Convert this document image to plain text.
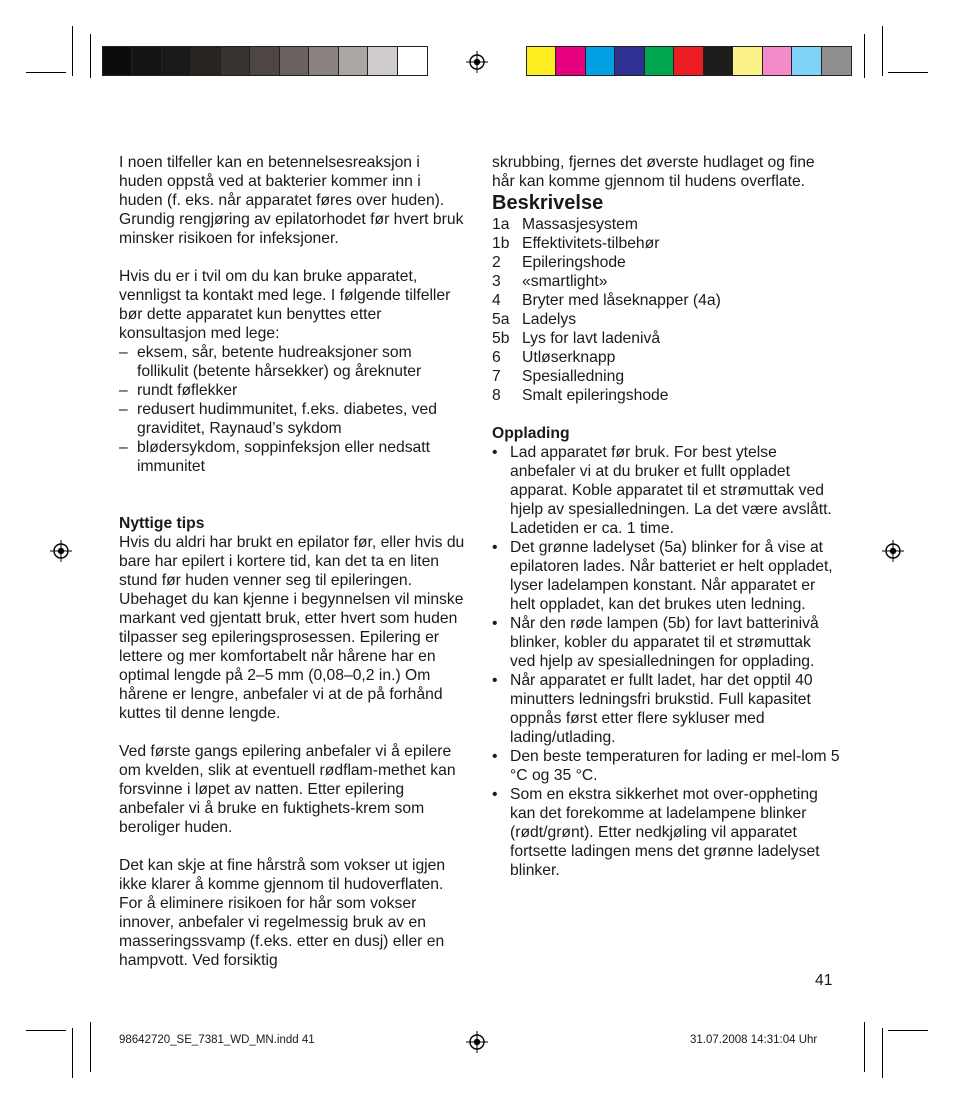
I noen tilfeller kan en betennelsesreaksjon i huden oppstå ved at bakterier kommer inn i huden (f. eks. når apparatet føres over huden). Grundig rengjøring av epilatorhodet før hvert bruk minsker risikoen for infeksjoner.

Hvis du er i tvil om du kan bruke apparatet, vennligst ta kontakt med lege. I følgende tilfeller bør dette apparatet kun benyttes etter konsultasjon med lege:

– eksem, sår, betente hudreaksjoner som follikulit (betente hårsekker) og åreknuter
– rundt føflekker
– redusert hudimmunitet, f.eks. diabetes, ved graviditet, Raynaud’s sykdom
– blødersykdom, soppinfeksjon eller nedsatt immunitet

Nyttige tips

Hvis du aldri har brukt en epilator før, eller hvis du bare har epilert i kortere tid, kan det ta en liten stund før huden venner seg til epileringen. Ubehaget du kan kjenne i begynnelsen vil minske markant ved gjentatt bruk, etter hvert som huden tilpasser seg epileringsprosessen. Epilering er lettere og mer komfortabelt når hårene har en optimal lengde på 2–5 mm (0,08–0,2 in.) Om hårene er lengre, anbefaler vi at de på forhånd kuttes til denne lengde.

Ved første gangs epilering anbefaler vi å epilere om kvelden, slik at eventuell rødflam-methet kan forsvinne i løpet av natten. Etter epilering anbefaler vi å bruke en fuktighets-krem som beroliger huden.

Det kan skje at fine hårstrå som vokser ut igjen ikke klarer å komme gjennom til hudoverflaten. For å eliminere risikoen for hår som vokser innover, anbefaler vi regelmessig bruk av en masseringssvamp (f.eks. etter en dusj) eller en hampvott. Ved forsiktig

skrubbing, fjernes det øverste hudlaget og fine hår kan komme gjennom til hudens overflate.

Beskrivelse

1a Massasjesystem
1b Effektivitets-tilbehør
2	Epileringshode
3	«smartlight»
4	Bryter med låseknapper (4a)
5a Ladelys
5b Lys for lavt ladenivå
6	Utløserknapp
7	Spesialledning
8	Smalt epileringshode

Opplading

• Lad apparatet før bruk. For best ytelse anbefaler vi at du bruker et fullt oppladet apparat. Koble apparatet til et strømuttak ved hjelp av spesialledningen. La det være avslått. Ladetiden er ca. 1 time.
• Det grønne ladelyset (5a) blinker for å vise at epilatoren lades. Når batteriet er helt oppladet, lyser ladelampen konstant. Når apparatet er helt oppladet, kan det brukes uten ledning.
• Når den røde lampen (5b) for lavt batterinivå blinker, kobler du apparatet til et strømuttak ved hjelp av spesialledningen for opplading.
• Når apparatet er fullt ladet, har det opptil 40 minutters ledningsfri brukstid. Full kapasitet oppnås først etter flere sykluser med lading/utlading.
• Den beste temperaturen for lading er mel-lom 5 °C og 35 °C.
• Som en ekstra sikkerhet mot over-oppheting kan det forekomme at ladelampene blinker (rødt/grønt). Etter nedkjøling vil apparatet fortsette ladingen mens det grønne ladelyset blinker.
41
98642720_SE_7381_WD_MN.indd 41	31.07.2008 14:31:04 Uhr
